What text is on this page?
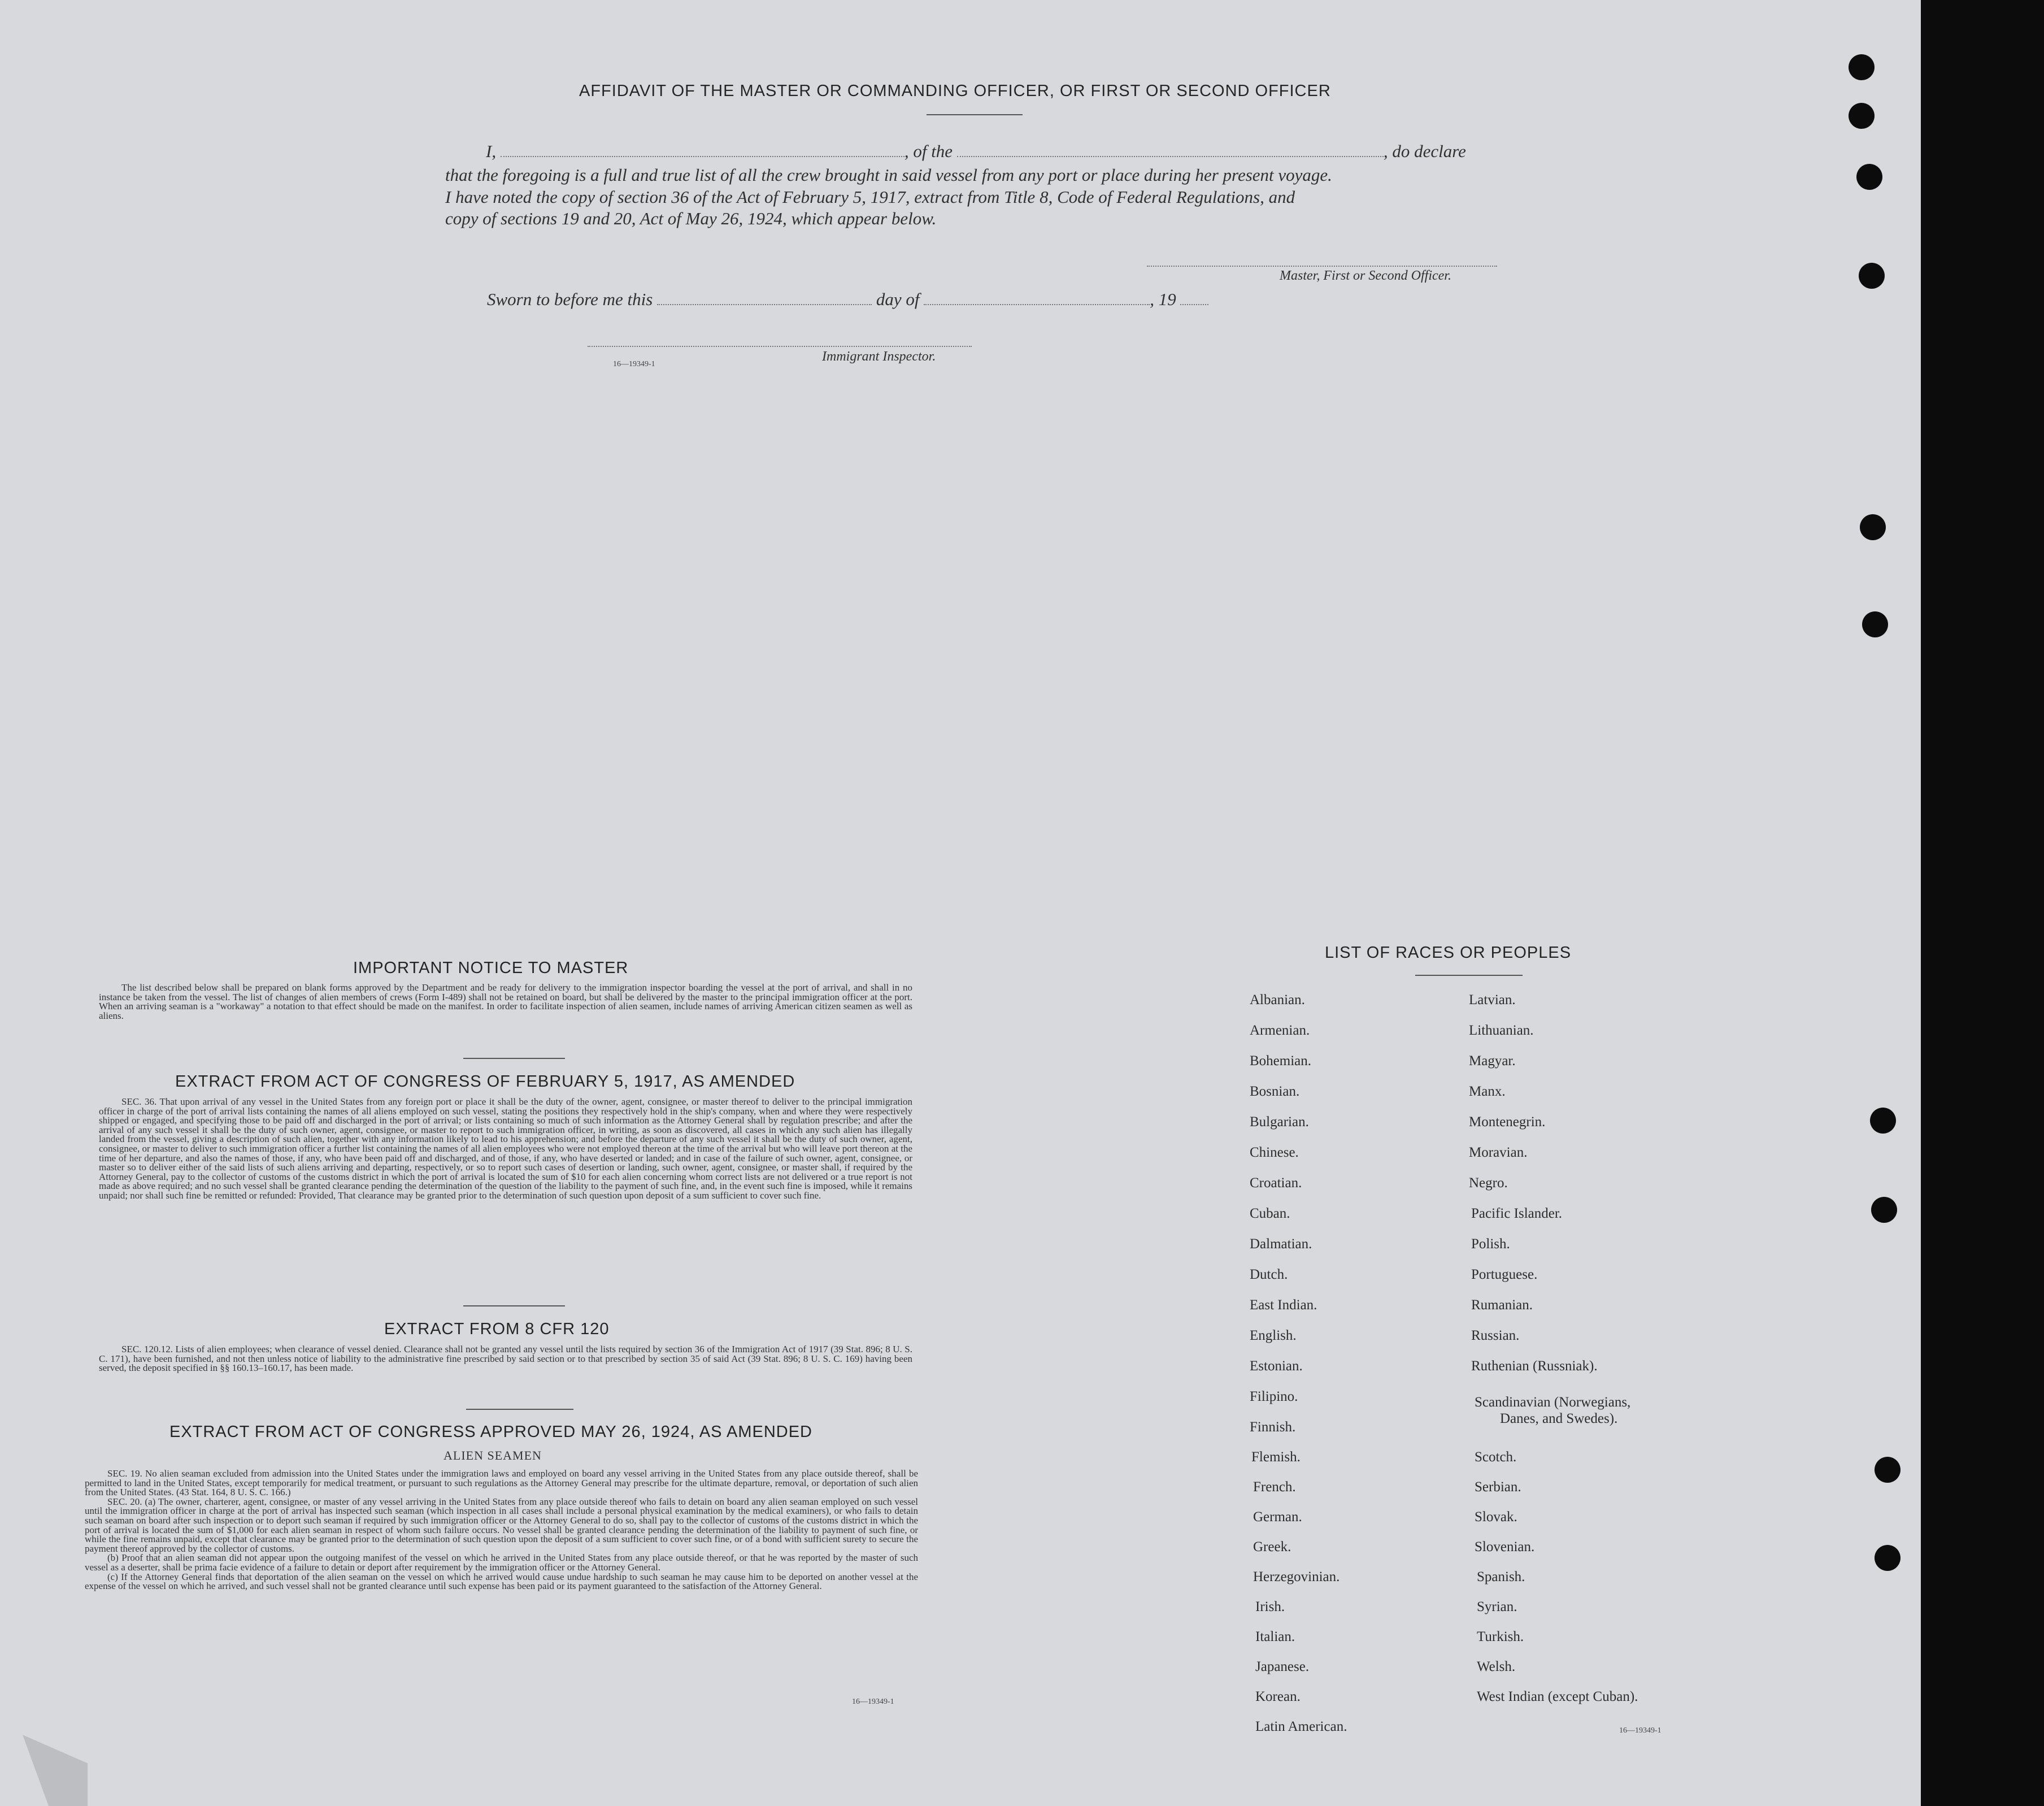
AFFIDAVIT OF THE MASTER OR COMMANDING OFFICER, OR FIRST OR SECOND OFFICER
I,	, of the	, do declare
that the foregoing is a full and true list of all the crew brought in said vessel from any port or place during her present voyage.
I have noted the copy of section 36 of the Act of February 5, 1917, extract from Title 8, Code of Federal Regulations, and
copy of sections 19 and 20, Act of May 26, 1924, which appear below.
Master, First or Second Officer.
Sworn to before me this	day of	, 19
Immigrant Inspector.
16—19349-1
IMPORTANT NOTICE TO MASTER

The list described below shall be prepared on blank forms approved by the Department and be ready for delivery to the immigration inspector boarding the vessel at the port of arrival, and shall in no instance be taken from the vessel. The list of changes of alien members of crews (Form I-489) shall not be retained on board, but shall be delivered by the master to the principal immigration officer at the port. When an arriving seaman is a "workaway" a notation to that effect should be made on the manifest. In order to facilitate inspection of alien seamen, include names of arriving American citizen seamen as well as aliens.

EXTRACT FROM ACT OF CONGRESS OF FEBRUARY 5, 1917, AS AMENDED

SEC. 36. That upon arrival of any vessel in the United States from any foreign port or place it shall be the duty of the owner, agent, consignee, or master thereof to deliver to the principal immigration officer in charge of the port of arrival lists containing the names of all aliens employed on such vessel, stating the positions they respectively hold in the ship's company, when and where they were respectively shipped or engaged, and specifying those to be paid off and discharged in the port of arrival; or lists containing so much of such information as the Attorney General shall by regulation prescribe; and after the arrival of any such vessel it shall be the duty of such owner, agent, consignee, or master to report to such immigration officer, in writing, as soon as discovered, all cases in which any such alien has illegally landed from the vessel, giving a description of such alien, together with any information likely to lead to his apprehension; and before the departure of any such vessel it shall be the duty of such owner, agent, consignee, or master to deliver to such immigration officer a further list containing the names of all alien employees who were not employed thereon at the time of the arrival but who will leave port thereon at the time of her departure, and also the names of those, if any, who have been paid off and discharged, and of those, if any, who have deserted or landed; and in case of the failure of such owner, agent, consignee, or master so to deliver either of the said lists of such aliens arriving and departing, respectively, or so to report such cases of desertion or landing, such owner, agent, consignee, or master shall, if required by the Attorney General, pay to the collector of customs of the customs district in which the port of arrival is located the sum of $10 for each alien concerning whom correct lists are not delivered or a true report is not made as above required; and no such vessel shall be granted clearance pending the determination of the question of the liability to the payment of such fine, and, in the event such fine is imposed, while it remains unpaid; nor shall such fine be remitted or refunded: Provided, That clearance may be granted prior to the determination of such question upon deposit of a sum sufficient to cover such fine.

EXTRACT FROM 8 CFR 120

SEC. 120.12. Lists of alien employees; when clearance of vessel denied. Clearance shall not be granted any vessel until the lists required by section 36 of the Immigration Act of 1917 (39 Stat. 896; 8 U. S. C. 171), have been furnished, and not then unless notice of liability to the administrative fine prescribed by said section or to that prescribed by section 35 of said Act (39 Stat. 896; 8 U. S. C. 169) having been served, the deposit specified in §§ 160.13–160.17, has been made.

EXTRACT FROM ACT OF CONGRESS APPROVED MAY 26, 1924, AS AMENDED
ALIEN SEAMEN

SEC. 19. No alien seaman excluded from admission into the United States under the immigration laws and employed on board any vessel arriving in the United States from any place outside thereof, shall be permitted to land in the United States, except temporarily for medical treatment, or pursuant to such regulations as the Attorney General may prescribe for the ultimate departure, removal, or deportation of such alien from the United States. (43 Stat. 164, 8 U. S. C. 166.)

SEC. 20. (a) The owner, charterer, agent, consignee, or master of any vessel arriving in the United States from any place outside thereof who fails to detain on board any alien seaman employed on such vessel until the immigration officer in charge at the port of arrival has inspected such seaman (which inspection in all cases shall include a personal physical examination by the medical examiners), or who fails to detain such seaman on board after such inspection or to deport such seaman if required by such immigration officer or the Attorney General to do so, shall pay to the collector of customs of the customs district in which the port of arrival is located the sum of $1,000 for each alien seaman in respect of whom such failure occurs. No vessel shall be granted clearance pending the determination of the liability to payment of such fine, or while the fine remains unpaid, except that clearance may be granted prior to the determination of such question upon the deposit of a sum sufficient to cover such fine, or of a bond with sufficient surety to secure the payment thereof approved by the collector of customs.

(b) Proof that an alien seaman did not appear upon the outgoing manifest of the vessel on which he arrived in the United States from any place outside thereof, or that he was reported by the master of such vessel as a deserter, shall be prima facie evidence of a failure to detain or deport after requirement by the immigration officer or the Attorney General.

(c) If the Attorney General finds that deportation of the alien seaman on the vessel on which he arrived would cause undue hardship to such seaman he may cause him to be deported on another vessel at the expense of the vessel on which he arrived, and such vessel shall not be granted clearance until such expense has been paid or its payment guaranteed to the satisfaction of the Attorney General.

16—19349-1
LIST OF RACES OR PEOPLES
Albanian.
Armenian.
Bohemian.
Bosnian.
Bulgarian.
Chinese.
Croatian.
Cuban.
Dalmatian.
Dutch.
East Indian.
English.
Estonian.
Filipino.
Finnish.
Flemish.
French.
German.
Greek.
Herzegovinian.
Irish.
Italian.
Japanese.
Korean.
Latin American.
Latvian.
Lithuanian.
Magyar.
Manx.
Montenegrin.
Moravian.
Negro.
Pacific Islander.
Polish.
Portuguese.
Rumanian.
Russian.
Ruthenian (Russniak).
Scandinavian (Norwegians,
Danes, and Swedes).
Scotch.
Serbian.
Slovak.
Slovenian.
Spanish.
Syrian.
Turkish.
Welsh.
West Indian (except Cuban).
16—19349-1
